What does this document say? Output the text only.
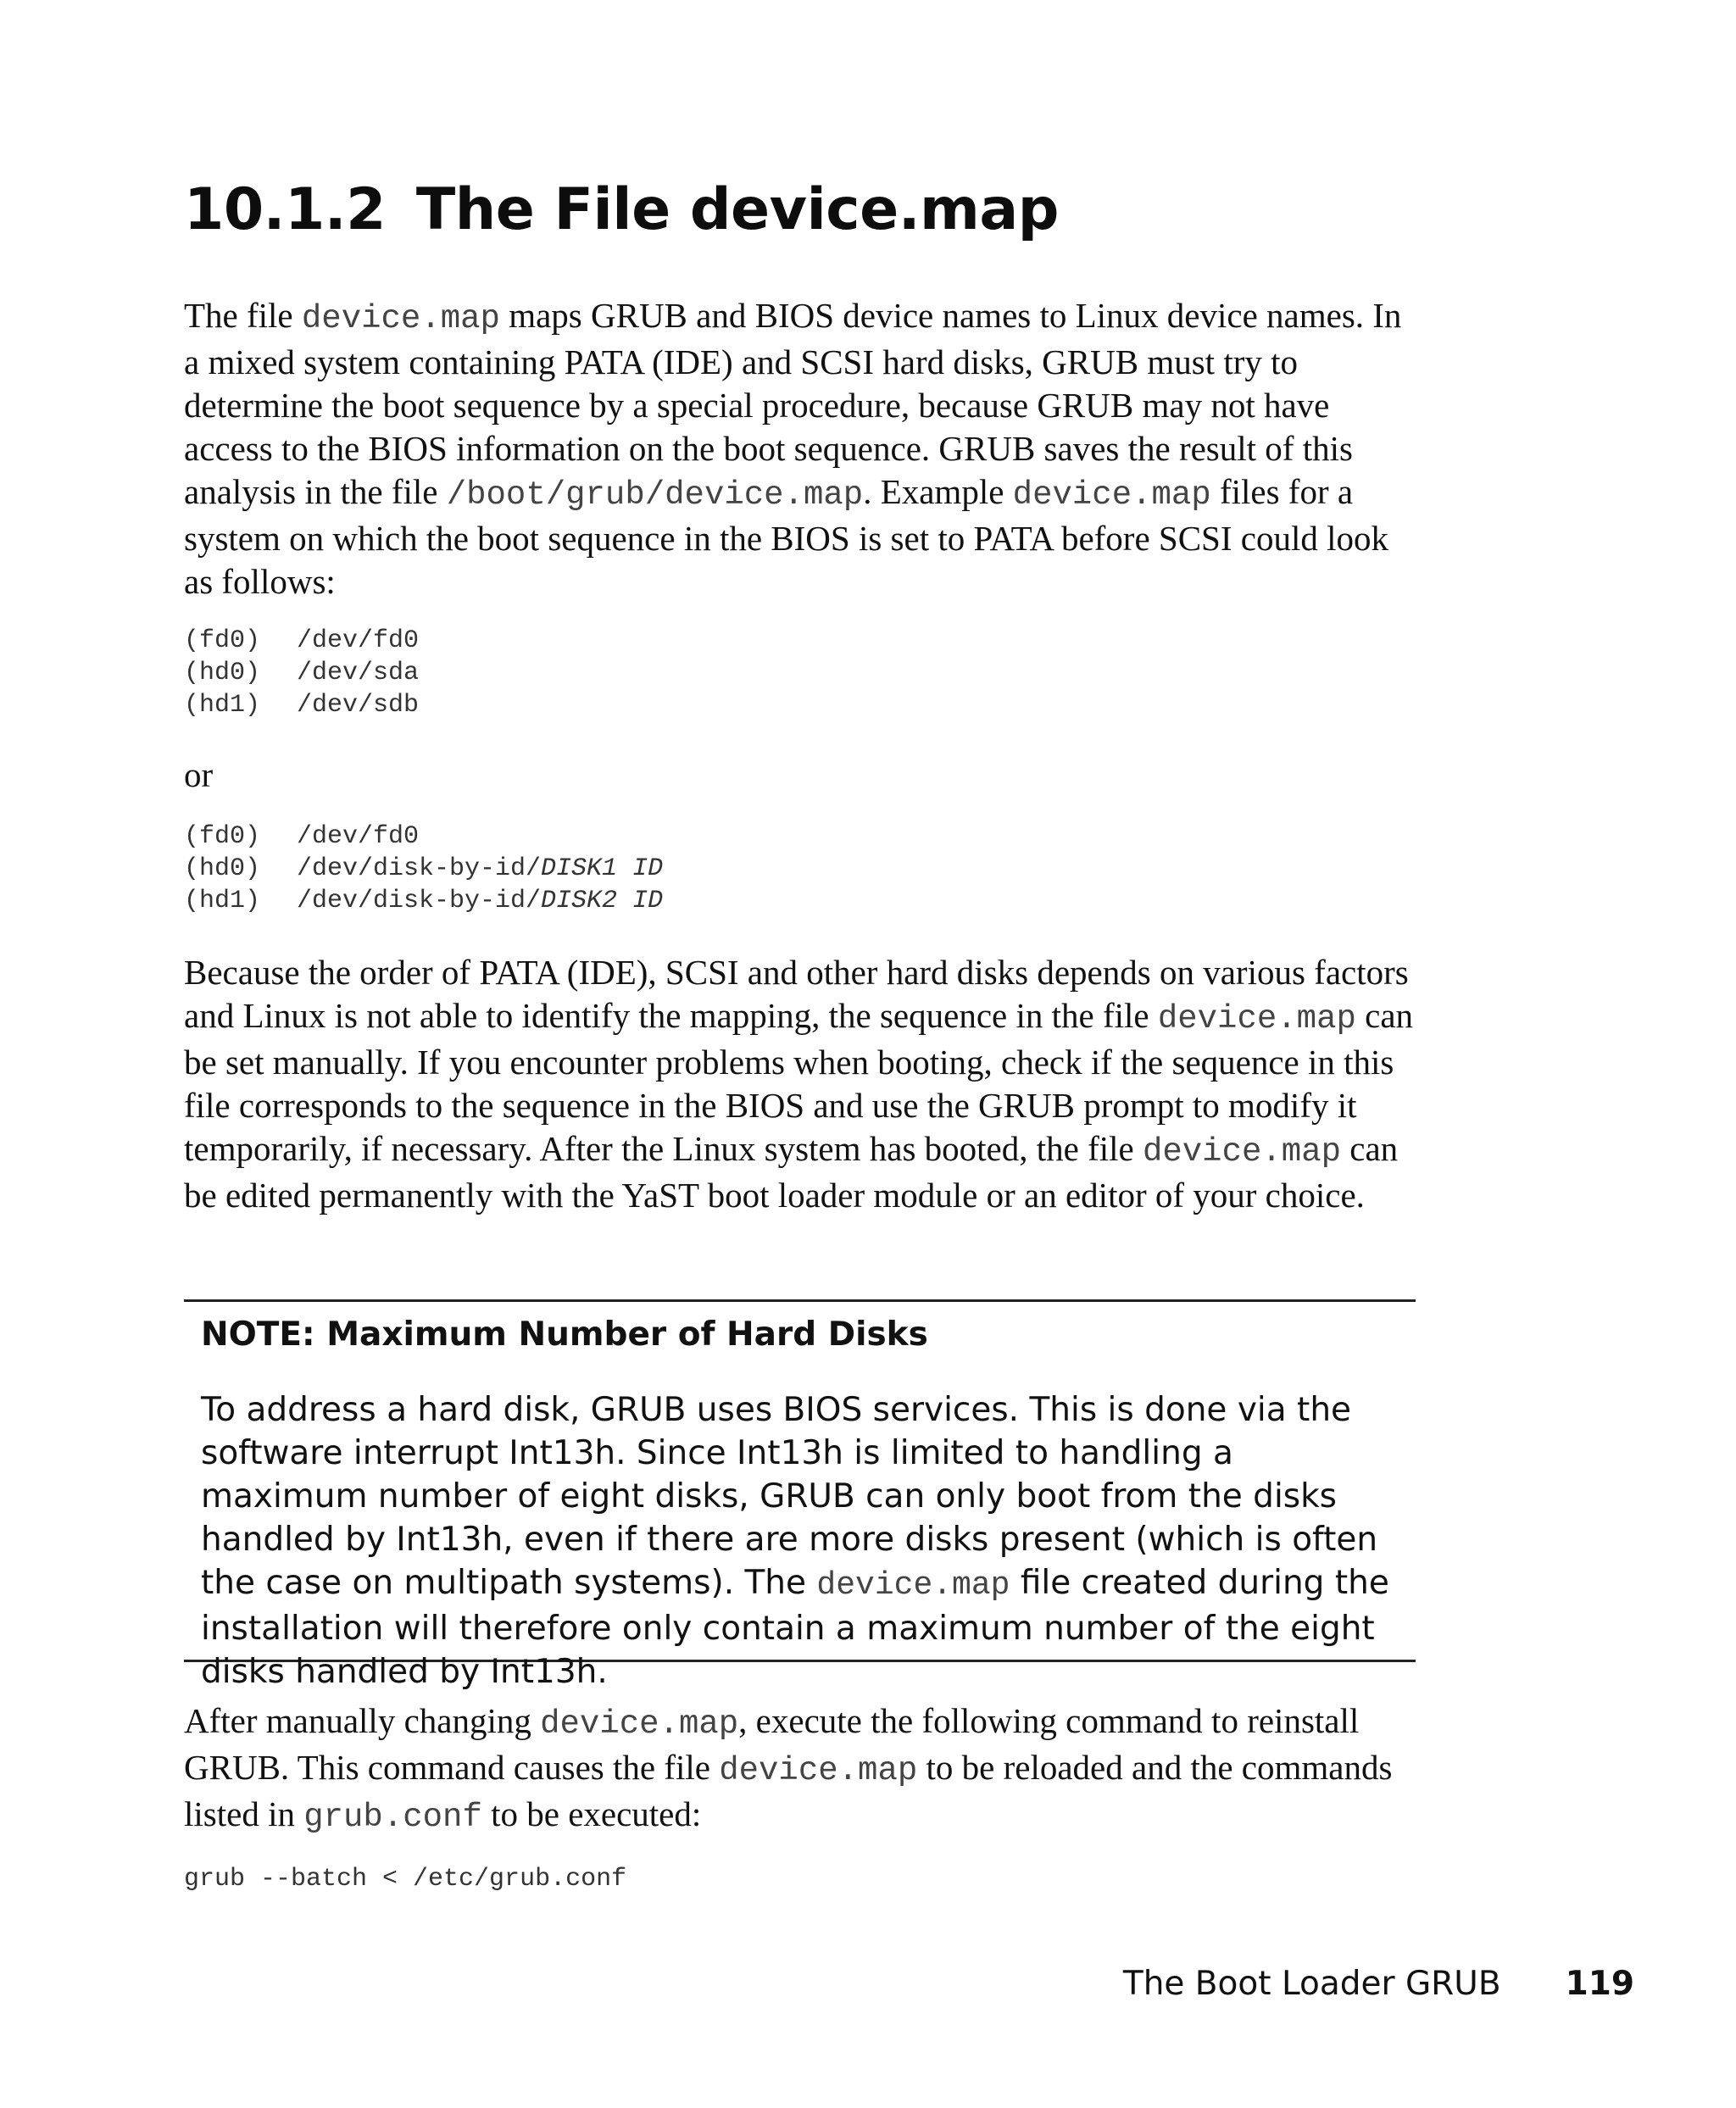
10.1.2 The File device.map

The file device.map maps GRUB and BIOS device names to Linux device names. In a mixed system containing PATA (IDE) and SCSI hard disks, GRUB must try to determine the boot sequence by a special procedure, because GRUB may not have access to the BIOS information on the boot sequence. GRUB saves the result of this analysis in the file /boot/grub/device.map. Example device.map files for a system on which the boot sequence in the BIOS is set to PATA before SCSI could look as follows:

(fd0) /dev/fd0
(hd0) /dev/sda
(hd1) /dev/sdb

or

(fd0) /dev/fd0
(hd0) /dev/disk-by-id/DISK1 ID
(hd1) /dev/disk-by-id/DISK2 ID

Because the order of PATA (IDE), SCSI and other hard disks depends on various factors and Linux is not able to identify the mapping, the sequence in the file device.map can be set manually. If you encounter problems when booting, check if the sequence in this file corresponds to the sequence in the BIOS and use the GRUB prompt to modify it temporarily, if necessary. After the Linux system has booted, the file device.map can be edited permanently with the YaST boot loader module or an editor of your choice.

NOTE: Maximum Number of Hard Disks

To address a hard disk, GRUB uses BIOS services. This is done via the software interrupt Int13h. Since Int13h is limited to handling a maximum number of eight disks, GRUB can only boot from the disks handled by Int13h, even if there are more disks present (which is often the case on multipath systems). The device.map file created during the installation will therefore only contain a maximum number of the eight disks handled by Int13h.

After manually changing device.map, execute the following command to reinstall GRUB. This command causes the file device.map to be reloaded and the commands listed in grub.conf to be executed:

grub --batch < /etc/grub.conf
The Boot Loader GRUB 119
